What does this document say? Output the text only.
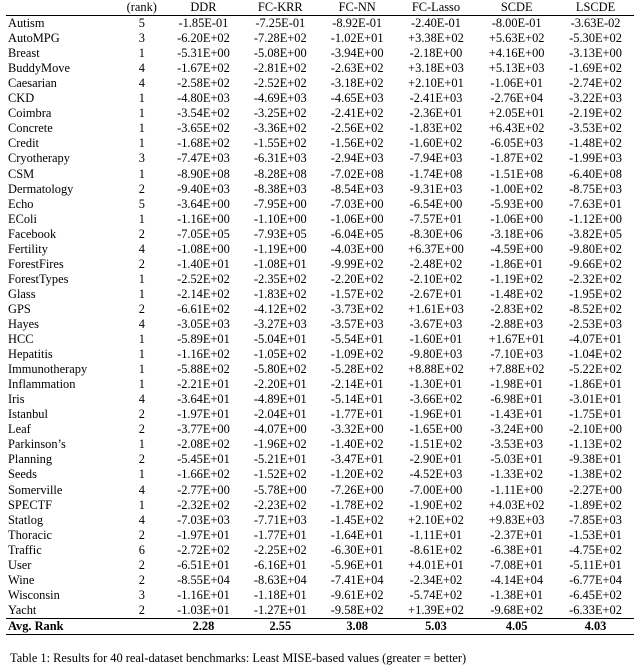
	(rank)	DDR	FC-KRR	FC-NN	FC-Lasso	SCDE	LSCDE
Autism	5	-1.85E-01	-7.25E-01	-8.92E-01	-2.40E-01	-8.00E-01	-3.63E-02
AutoMPG	3	-6.20E+02	-7.28E+02	-1.02E+01	+3.38E+02	+5.63E+02	-5.30E+02
Breast	1	-5.31E+00	-5.08E+00	-3.94E+00	-2.18E+00	+4.16E+00	-3.13E+00
BuddyMove	4	-1.67E+02	-2.81E+02	-2.63E+02	+3.18E+03	+5.13E+03	-1.69E+02
Caesarian	4	-2.58E+02	-2.52E+02	-3.18E+02	+2.10E+01	-1.06E+01	-2.74E+02
CKD	1	-4.80E+03	-4.69E+03	-4.65E+03	-2.41E+03	-2.76E+04	-3.22E+03
Coimbra	1	-3.54E+02	-3.25E+02	-2.41E+02	-2.36E+01	+2.05E+01	-2.19E+02
Concrete	1	-3.65E+02	-3.36E+02	-2.56E+02	-1.83E+02	+6.43E+02	-3.53E+02
Credit	1	-1.68E+02	-1.55E+02	-1.56E+02	-1.60E+02	-6.05E+03	-1.48E+02
Cryotherapy	3	-7.47E+03	-6.31E+03	-2.94E+03	-7.94E+03	-1.87E+02	-1.99E+03
CSM	1	-8.90E+08	-8.28E+08	-7.02E+08	-1.74E+08	-1.51E+08	-6.40E+08
Dermatology	2	-9.40E+03	-8.38E+03	-8.54E+03	-9.31E+03	-1.00E+02	-8.75E+03
Echo	5	-3.64E+00	-7.95E+00	-7.03E+00	-6.54E+00	-5.93E+00	-7.63E+01
EColi	1	-1.16E+00	-1.10E+00	-1.06E+00	-7.57E+01	-1.06E+00	-1.12E+00
Facebook	2	-7.05E+05	-7.93E+05	-6.04E+05	-8.30E+06	-3.18E+06	-3.82E+05
Fertility	4	-1.08E+00	-1.19E+00	-4.03E+00	+6.37E+00	-4.59E+00	-9.80E+02
ForestFires	2	-1.40E+01	-1.08E+01	-9.99E+02	-2.48E+02	-1.86E+01	-9.66E+02
ForestTypes	1	-2.52E+02	-2.35E+02	-2.20E+02	-2.10E+02	-1.19E+02	-2.32E+02
Glass	1	-2.14E+02	-1.83E+02	-1.57E+02	-2.67E+01	-1.48E+02	-1.95E+02
GPS	2	-6.61E+02	-4.12E+02	-3.73E+02	+1.61E+03	-2.83E+02	-8.52E+02
Hayes	4	-3.05E+03	-3.27E+03	-3.57E+03	-3.67E+03	-2.88E+03	-2.53E+03
HCC	1	-5.89E+01	-5.04E+01	-5.54E+01	-1.60E+01	+1.67E+01	-4.07E+01
Hepatitis	1	-1.16E+02	-1.05E+02	-1.09E+02	-9.80E+03	-7.10E+03	-1.04E+02
Immunotherapy	1	-5.88E+02	-5.80E+02	-5.28E+02	+8.88E+02	+7.88E+02	-5.22E+02
Inflammation	1	-2.21E+01	-2.20E+01	-2.14E+01	-1.30E+01	-1.98E+01	-1.86E+01
Iris	4	-3.64E+01	-4.89E+01	-5.14E+01	-3.66E+02	-6.98E+01	-3.01E+01
Istanbul	2	-1.97E+01	-2.04E+01	-1.77E+01	-1.96E+01	-1.43E+01	-1.75E+01
Leaf	2	-3.77E+00	-4.07E+00	-3.32E+00	-1.65E+00	-3.24E+00	-2.10E+00
Parkinson’s	1	-2.08E+02	-1.96E+02	-1.40E+02	-1.51E+02	-3.53E+03	-1.13E+02
Planning	2	-5.45E+01	-5.21E+01	-3.47E+01	-2.90E+01	-5.03E+01	-9.38E+01
Seeds	1	-1.66E+02	-1.52E+02	-1.20E+02	-4.52E+03	-1.33E+02	-1.38E+02
Somerville	4	-2.77E+00	-5.78E+00	-7.26E+00	-7.00E+00	-1.11E+00	-2.27E+00
SPECTF	1	-2.32E+02	-2.23E+02	-1.78E+02	-1.90E+02	+4.03E+02	-1.89E+02
Statlog	4	-7.03E+03	-7.71E+03	-1.45E+02	+2.10E+02	+9.83E+03	-7.85E+03
Thoracic	2	-1.97E+01	-1.77E+01	-1.64E+01	-1.11E+01	-2.37E+01	-1.53E+01
Traffic	6	-2.72E+02	-2.25E+02	-6.30E+01	-8.61E+02	-6.38E+01	-4.75E+02
User	2	-6.51E+01	-6.16E+01	-5.96E+01	+4.01E+01	-7.08E+01	-5.11E+01
Wine	2	-8.55E+04	-8.63E+04	-7.41E+04	-2.34E+02	-4.14E+04	-6.77E+04
Wisconsin	3	-1.16E+01	-1.18E+01	-9.61E+02	-5.74E+02	-1.38E+01	-6.45E+02
Yacht	2	-1.03E+01	-1.27E+01	-9.58E+02	+1.39E+02	-9.68E+02	-6.33E+02
Avg. Rank		2.28	2.55	3.08	5.03	4.05	4.03
Table 1: Results for 40 real-dataset benchmarks: Least MISE-based values (greater = better)
